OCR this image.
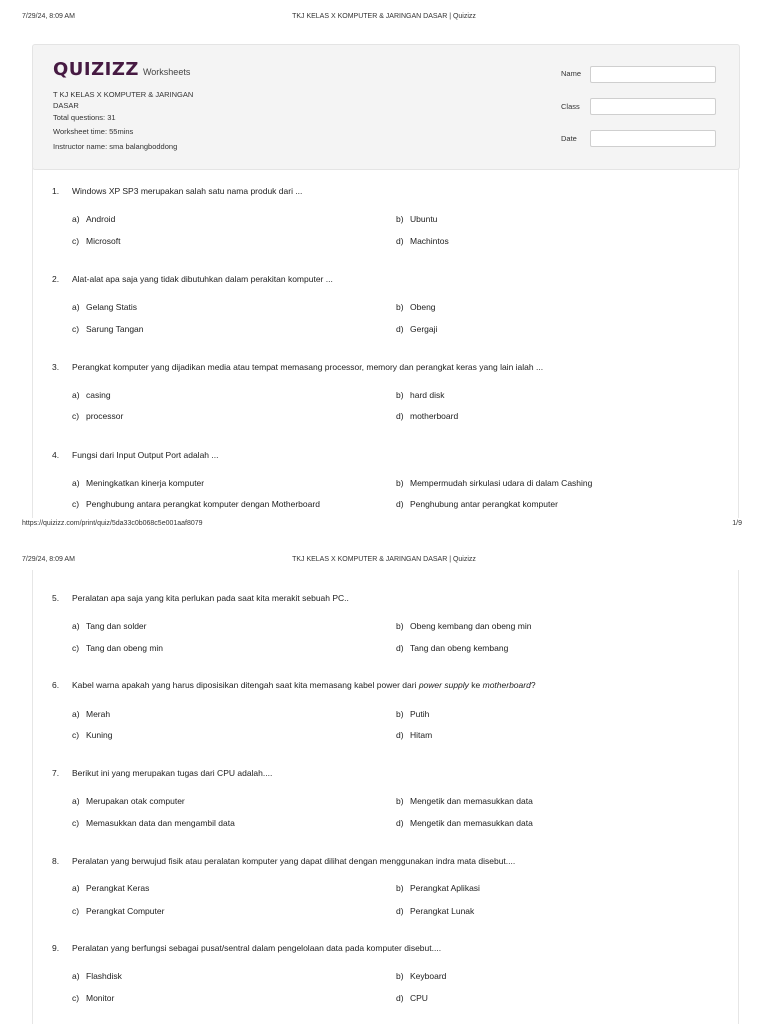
7/29/24, 8:09 AM	TKJ KELAS X KOMPUTER & JARINGAN DASAR | Quizizz
QUIZIZZ Worksheets
T KJ KELAS X KOMPUTER & JARINGAN DASAR
Total questions: 31
Worksheet time: 55mins
Instructor name: sma balangboddong
Name
Class
Date
1. Windows XP SP3 merupakan salah satu nama produk dari ...
a) Android	b) Ubuntu
c) Microsoft	d) Machintos
2. Alat-alat apa saja yang tidak dibutuhkan dalam perakitan komputer ...
a) Gelang Statis	b) Obeng
c) Sarung Tangan	d) Gergaji
3. Perangkat komputer yang dijadikan media atau tempat memasang processor, memory dan perangkat keras yang lain ialah ...
a) casing	b) hard disk
c) processor	d) motherboard
4. Fungsi dari Input Output Port adalah ...
a) Meningkatkan kinerja komputer	b) Mempermudah sirkulasi udara di dalam Cashing
c) Penghubung antara perangkat komputer dengan Motherboard	d) Penghubung antar perangkat komputer
https://quizizz.com/print/quiz/5da33c0b068c5e001aaf8079	1/9
7/29/24, 8:09 AM	TKJ KELAS X KOMPUTER & JARINGAN DASAR | Quizizz
5. Peralatan apa saja yang kita perlukan pada saat kita merakit sebuah PC..
a) Tang dan solder	b) Obeng kembang dan obeng min
c) Tang dan obeng min	d) Tang dan obeng kembang
6. Kabel warna apakah yang harus diposisikan ditengah saat kita memasang kabel power dari power supply ke motherboard?
a) Merah	b) Putih
c) Kuning	d) Hitam
7. Berikut ini yang merupakan tugas dari CPU adalah....
a) Merupakan otak computer	b) Mengetik dan memasukkan data
c) Memasukkan data dan mengambil data	d) Mengetik dan memasukkan data
8. Peralatan yang berwujud fisik atau peralatan komputer yang dapat dilihat dengan menggunakan indra mata disebut....
a) Perangkat Keras	b) Perangkat Aplikasi
c) Perangkat Computer	d) Perangkat Lunak
9. Peralatan yang berfungsi sebagai pusat/sentral dalam pengelolaan data pada komputer disebut....
a) Flashdisk	b) Keyboard
c) Monitor	d) CPU
